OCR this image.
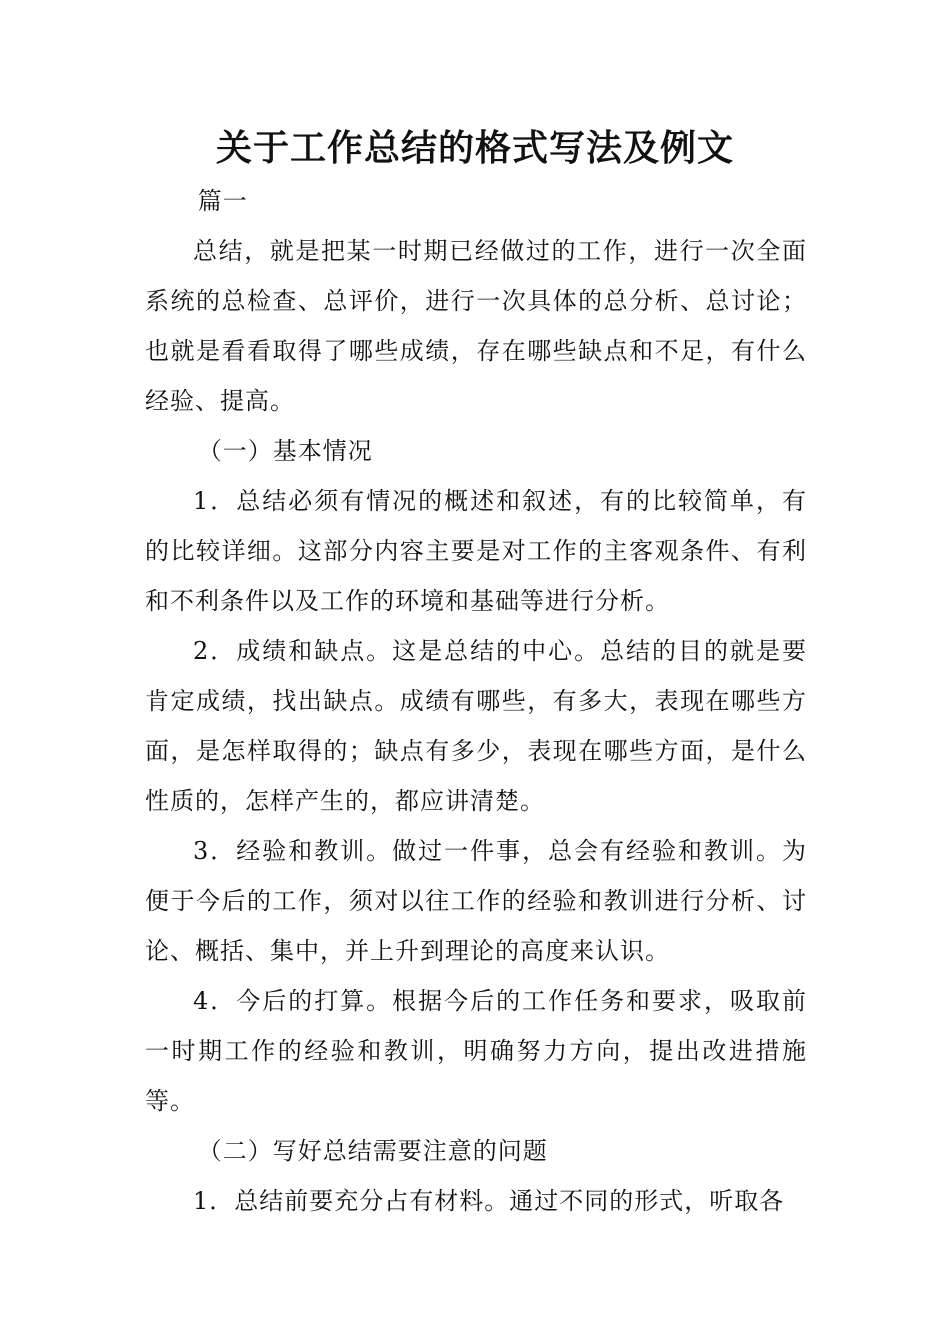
关于工作总结的格式写法及例文

篇一

总结，就是把某一时期已经做过的工作，进行一次全面系统的总检查、总评价，进行一次具体的总分析、总讨论；也就是看看取得了哪些成绩，存在哪些缺点和不足，有什么经验、提高。

（一）基本情况

1．总结必须有情况的概述和叙述，有的比较简单，有的比较详细。这部分内容主要是对工作的主客观条件、有利和不利条件以及工作的环境和基础等进行分析。

2．成绩和缺点。这是总结的中心。总结的目的就是要肯定成绩，找出缺点。成绩有哪些，有多大，表现在哪些方面，是怎样取得的；缺点有多少，表现在哪些方面，是什么性质的，怎样产生的，都应讲清楚。

3．经验和教训。做过一件事，总会有经验和教训。为便于今后的工作，须对以往工作的经验和教训进行分析、讨论、概括、集中，并上升到理论的高度来认识。

4．今后的打算。根据今后的工作任务和要求，吸取前一时期工作的经验和教训，明确努力方向，提出改进措施等。

（二）写好总结需要注意的问题

1．总结前要充分占有材料。通过不同的形式，听取各
